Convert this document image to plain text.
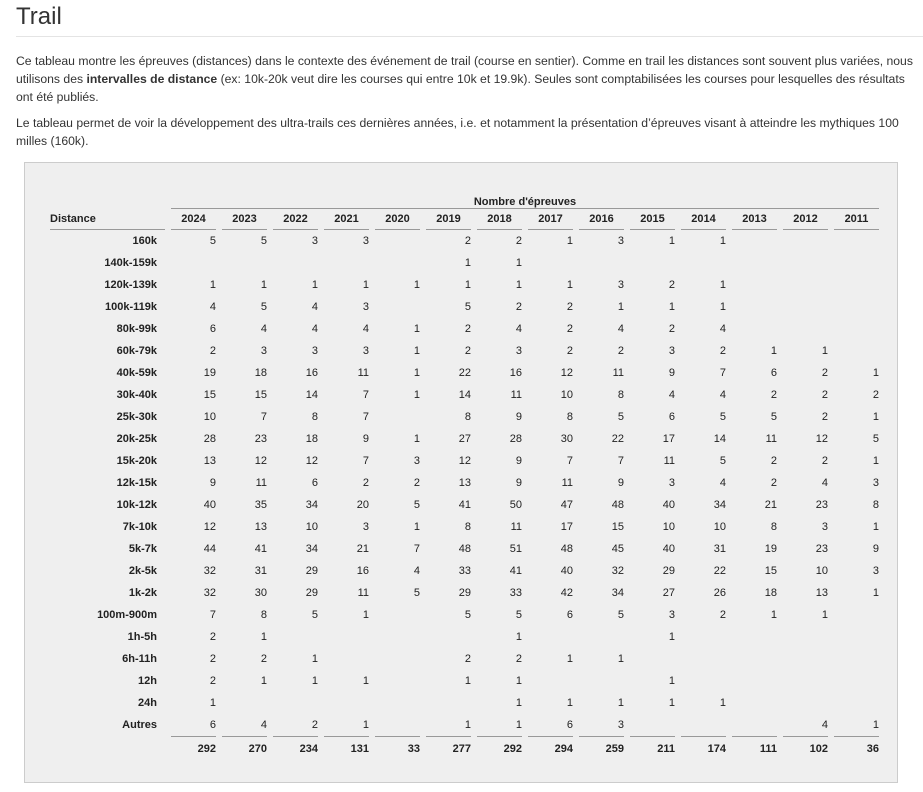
Trail

Ce tableau montre les épreuves (distances) dans le contexte des événement de trail (course en sentier). Comme en trail les distances sont souvent plus variées, nous utilisons des intervalles de distance (ex: 10k-20k veut dire les courses qui entre 10k et 19.9k). Seules sont comptabilisées les courses pour lesquelles des résultats ont été publiés.

Le tableau permet de voir la développement des ultra-trails ces dernières années, i.e. et notamment la présentation d’épreuves visant à atteindre les mythiques 100 milles (160k).

	Nombre d'épreuves													
Distance	2024	2023	2022	2021	2020	2019	2018	2017	2016	2015	2014	2013	2012	2011
160k	5	5	3	3		2	2	1	3	1	1			
140k-159k						1	1							
120k-139k	1	1	1	1	1	1	1	1	3	2	1			
100k-119k	4	5	4	3		5	2	2	1	1	1			
80k-99k	6	4	4	4	1	2	4	2	4	2	4			
60k-79k	2	3	3	3	1	2	3	2	2	3	2	1	1	
40k-59k	19	18	16	11	1	22	16	12	11	9	7	6	2	1
30k-40k	15	15	14	7	1	14	11	10	8	4	4	2	2	2
25k-30k	10	7	8	7		8	9	8	5	6	5	5	2	1
20k-25k	28	23	18	9	1	27	28	30	22	17	14	11	12	5
15k-20k	13	12	12	7	3	12	9	7	7	11	5	2	2	1
12k-15k	9	11	6	2	2	13	9	11	9	3	4	2	4	3
10k-12k	40	35	34	20	5	41	50	47	48	40	34	21	23	8
7k-10k	12	13	10	3	1	8	11	17	15	10	10	8	3	1
5k-7k	44	41	34	21	7	48	51	48	45	40	31	19	23	9
2k-5k	32	31	29	16	4	33	41	40	32	29	22	15	10	3
1k-2k	32	30	29	11	5	29	33	42	34	27	26	18	13	1
100m-900m	7	8	5	1		5	5	6	5	3	2	1	1	
1h-5h	2	1					1			1				
6h-11h	2	2	1			2	2	1	1					
12h	2	1	1	1		1	1			1				
24h	1						1	1	1	1	1			
Autres	6	4	2	1		1	1	6	3				4	1
	292	270	234	131	33	277	292	294	259	211	174	111	102	36
